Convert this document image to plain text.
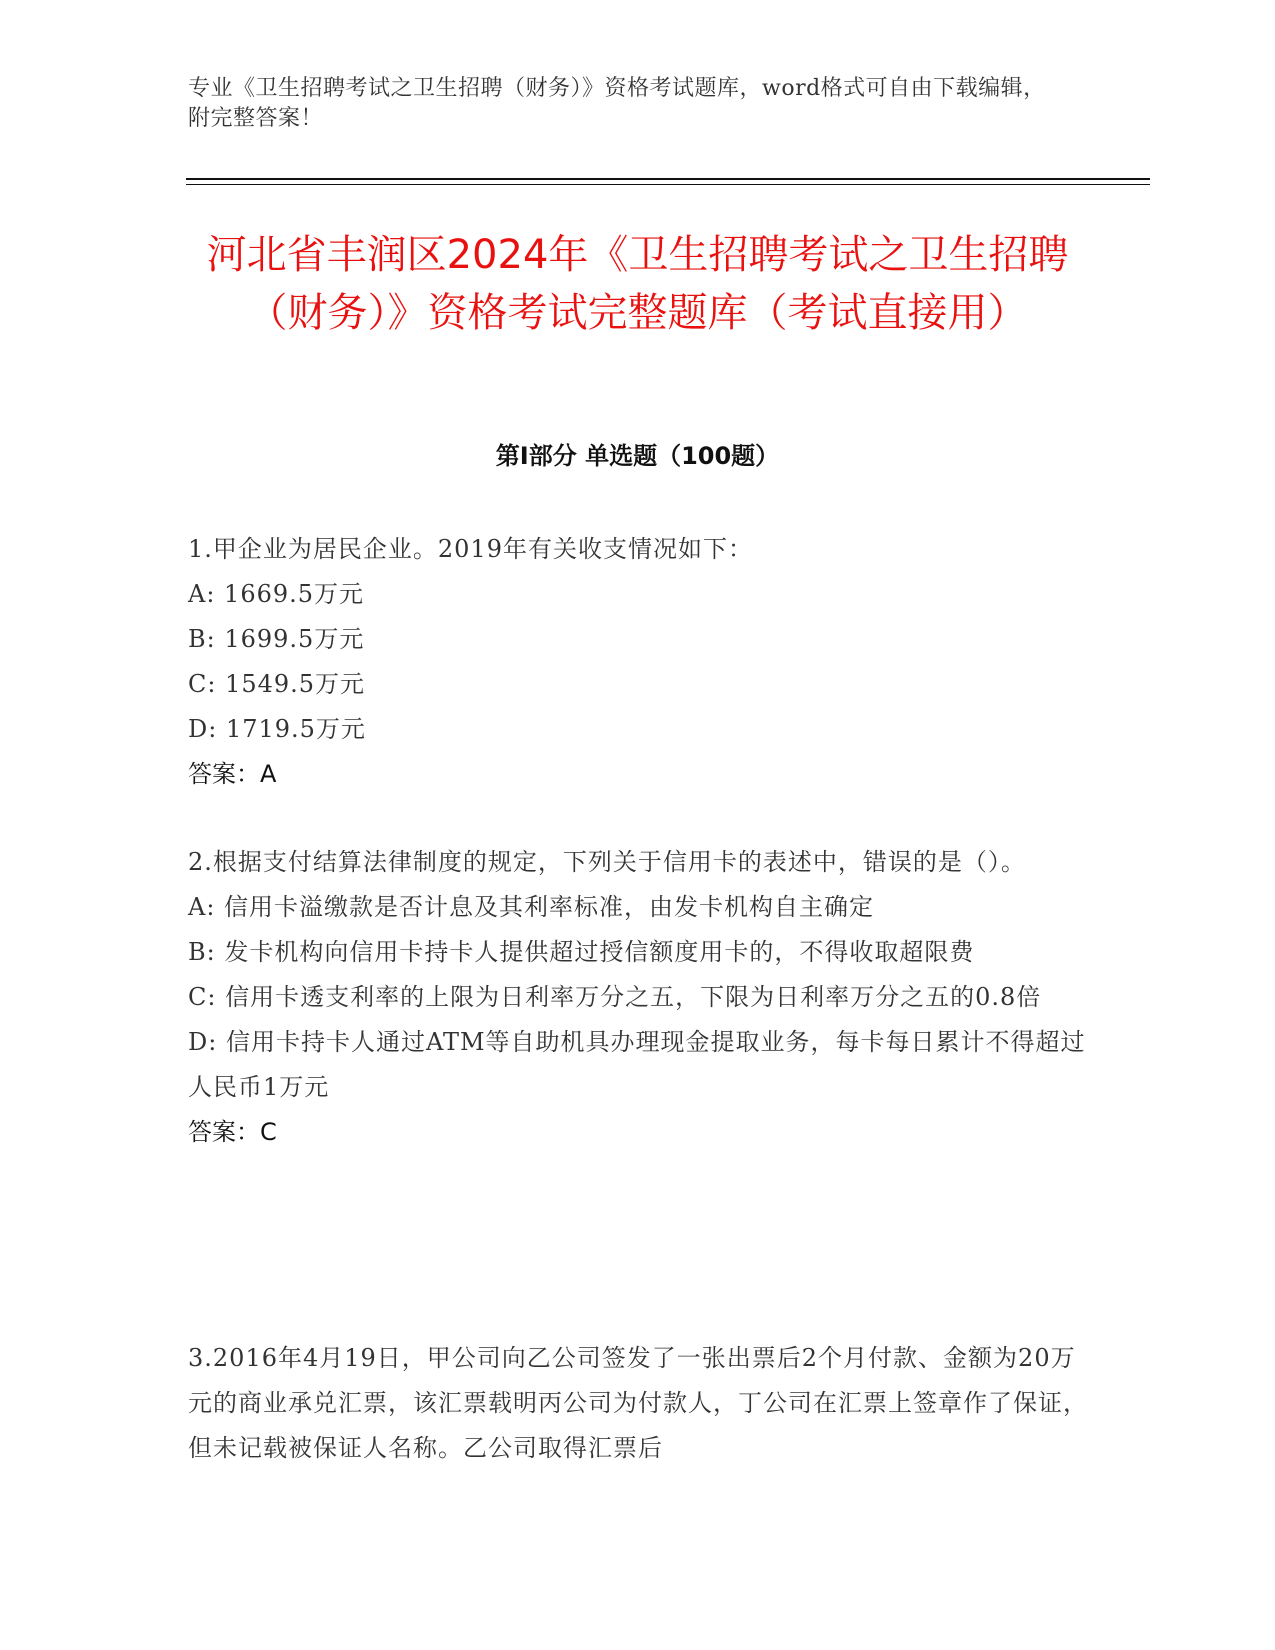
专业《卫生招聘考试之卫生招聘（财务）》资格考试题库，word格式可自由下载编辑，附完整答案！
河北省丰润区2024年《卫生招聘考试之卫生招聘（财务）》资格考试完整题库（考试直接用）
第Ⅰ部分 单选题（100题）
1.甲企业为居民企业。2019年有关收支情况如下：
A: 1669.5万元
B: 1699.5万元
C: 1549.5万元
D: 1719.5万元
答案：A
2.根据支付结算法律制度的规定，下列关于信用卡的表述中，错误的是（）。
A: 信用卡溢缴款是否计息及其利率标准，由发卡机构自主确定
B: 发卡机构向信用卡持卡人提供超过授信额度用卡的，不得收取超限费
C: 信用卡透支利率的上限为日利率万分之五，下限为日利率万分之五的0.8倍
D: 信用卡持卡人通过ATM等自助机具办理现金提取业务，每卡每日累计不得超过人民币1万元
答案：C
3.2016年4月19日，甲公司向乙公司签发了一张出票后2个月付款、金额为20万元的商业承兑汇票，该汇票载明丙公司为付款人，丁公司在汇票上签章作了保证，但未记载被保证人名称。乙公司取得汇票后
